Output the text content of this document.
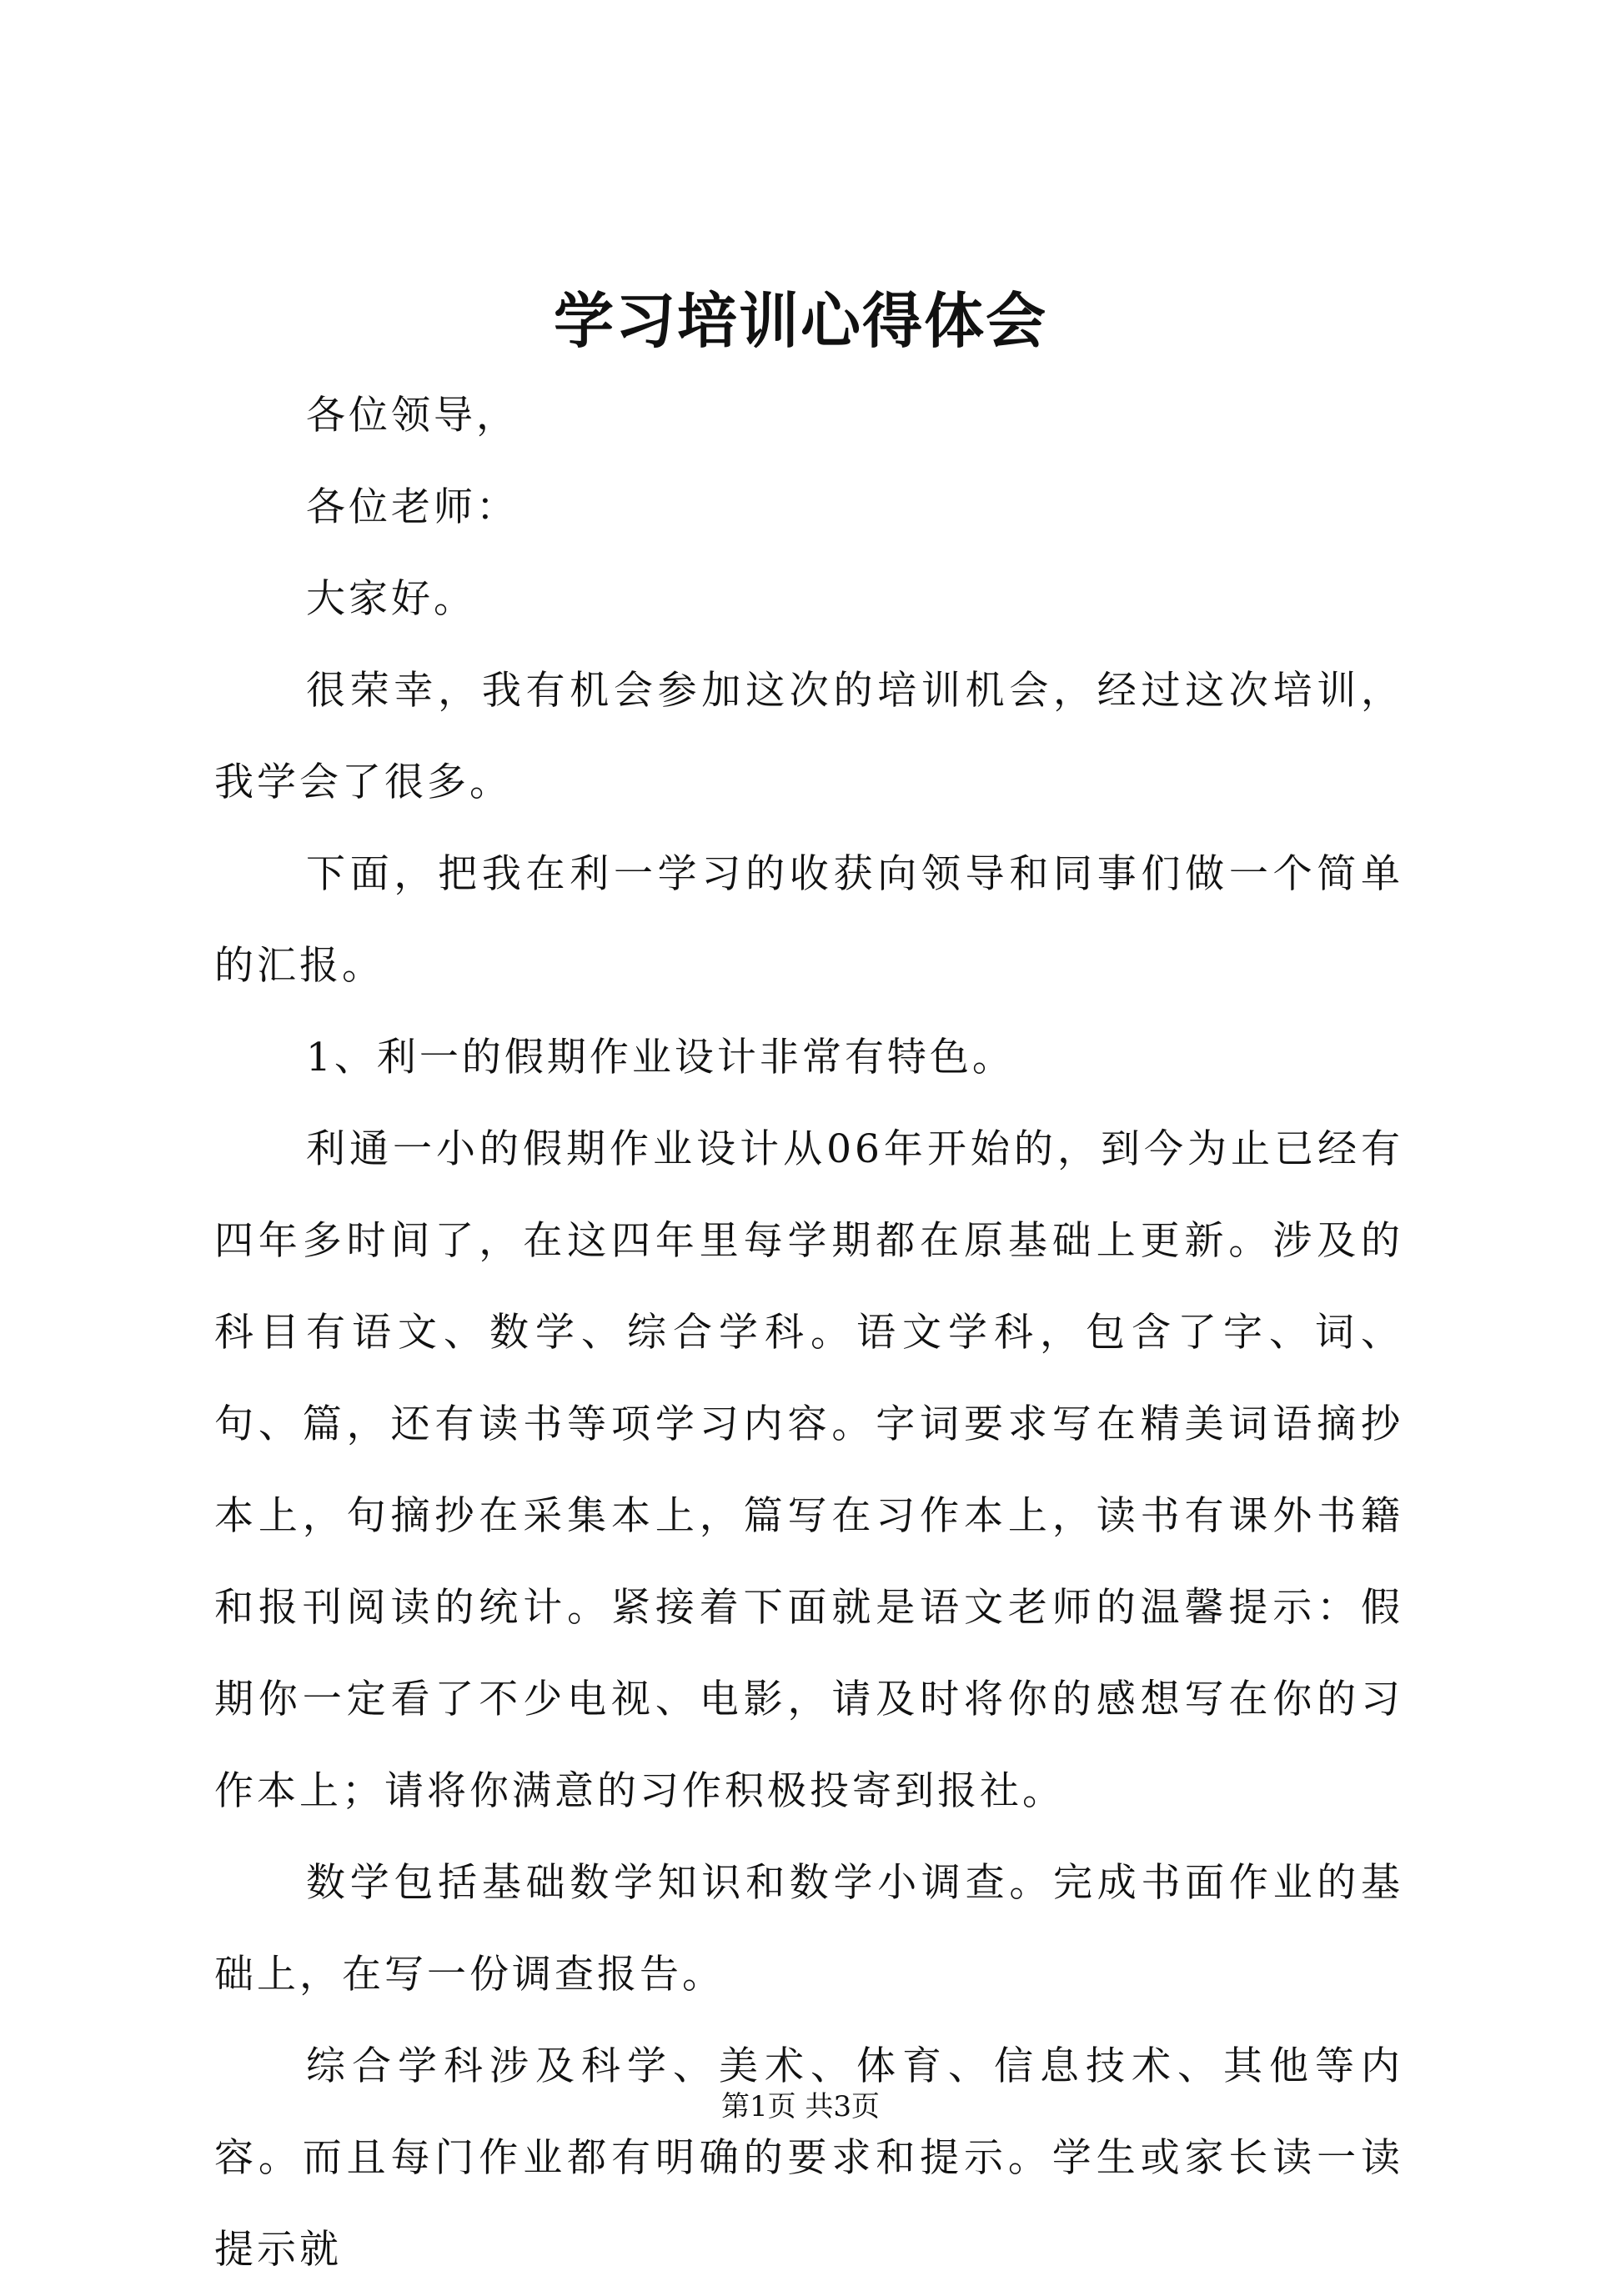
学习培训心得体会

各位领导，

各位老师：

大家好。

很荣幸，我有机会参加这次的培训机会，经过这次培训，我学会了很多。

下面，把我在利一学习的收获向领导和同事们做一个简单的汇报。

1、利一的假期作业设计非常有特色。

利通一小的假期作业设计从06年开始的，到今为止已经有四年多时间了，在这四年里每学期都在原基础上更新。涉及的科目有语文、数学、综合学科。语文学科，包含了字、词、句、篇，还有读书等项学习内容。字词要求写在精美词语摘抄本上，句摘抄在采集本上，篇写在习作本上，读书有课外书籍和报刊阅读的统计。紧接着下面就是语文老师的温馨提示：假期你一定看了不少电视、电影，请及时将你的感想写在你的习作本上；请将你满意的习作积极投寄到报社。

数学包括基础数学知识和数学小调查。完成书面作业的基础上，在写一份调查报告。

综合学科涉及科学、美术、体育、信息技术、其他等内容。而且每门作业都有明确的要求和提示。学生或家长读一读提示就

第1页 共3页
